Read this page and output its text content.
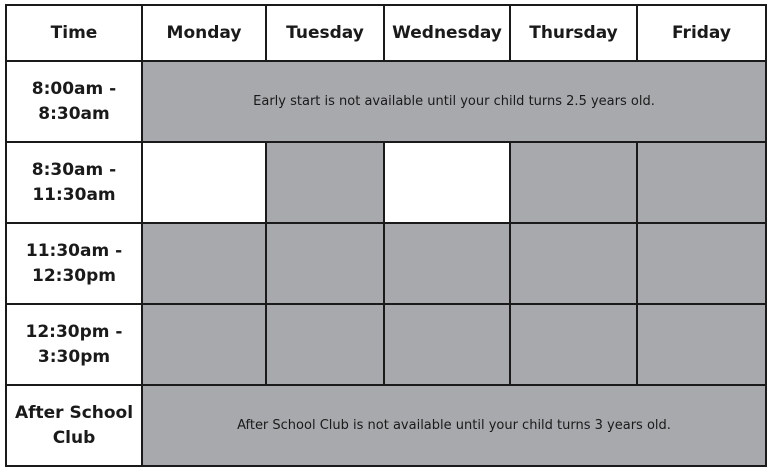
Time	Monday	Tuesday	Wednesday	Thursday	Friday

8:00am -
8:30am	Early start is not available until your child turns 2.5 years old.				

8:30am -
11:30am					

11:30am -
12:30pm					

12:30pm -
3:30pm					

After School
Club	After School Club is not available until your child turns 3 years old.				
